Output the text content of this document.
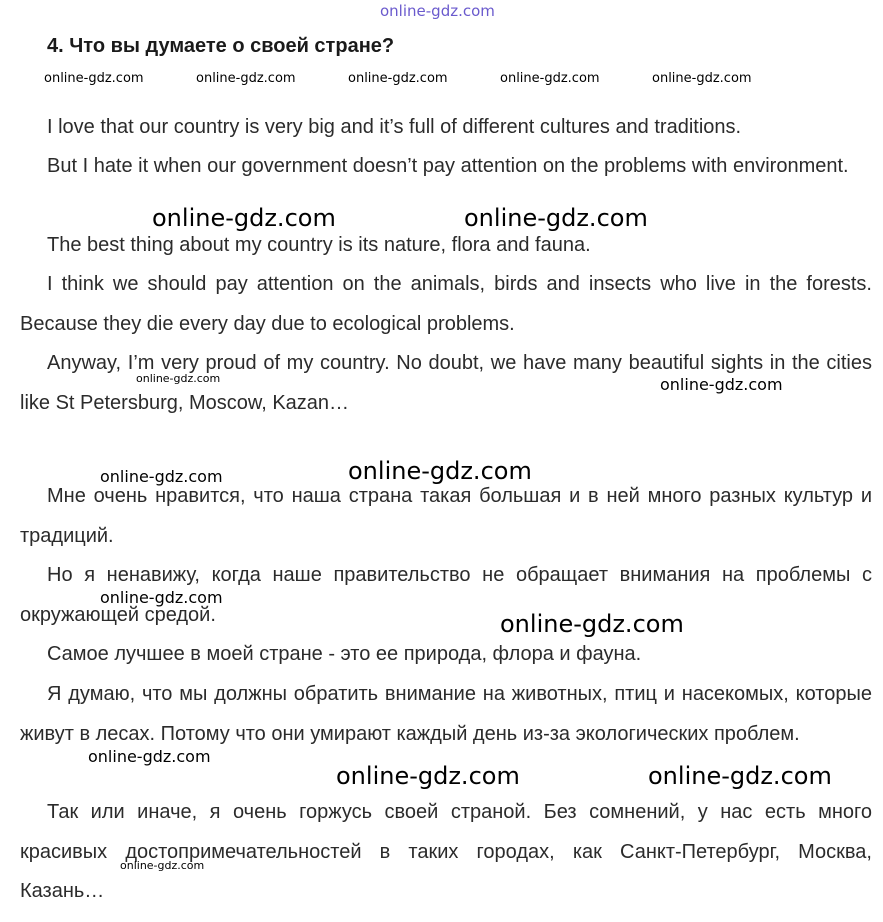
online-gdz.com
4. Что вы думаете о своей стране?
online-gdz.com	online-gdz.com	online-gdz.com	online-gdz.com	online-gdz.com

I love that our country is very big and it’s full of different cultures and traditions.

But I hate it when our government doesn’t pay attention on the problems with environment.

The best thing about my country is its nature, flora and fauna.

I think we should pay attention on the animals, birds and insects who live in the forests. Because they die every day due to ecological problems.

Anyway, I’m very proud of my country. No doubt, we have many beautiful sights in the cities like St Petersburg, Moscow, Kazan…

Мне очень нравится, что наша страна такая большая и в ней много разных культур и традиций.

Но я ненавижу, когда наше правительство не обращает внимания на проблемы с окружающей средой.

Самое лучшее в моей стране - это ее природа, флора и фауна.

Я думаю, что мы должны обратить внимание на животных, птиц и насекомых, которые живут в лесах. Потому что они умирают каждый день из-за экологических проблем.

Так или иначе, я очень горжусь своей страной. Без сомнений, у нас есть много красивых достопримечательностей в таких городах, как Санкт-Петербург, Москва, Казань…

online-gdz.com	online-gdz.com
online-gdz.com	online-gdz.com
online-gdz.com	online-gdz.com
online-gdz.com
online-gdz.com
online-gdz.com
online-gdz.com	online-gdz.com
online-gdz.com
